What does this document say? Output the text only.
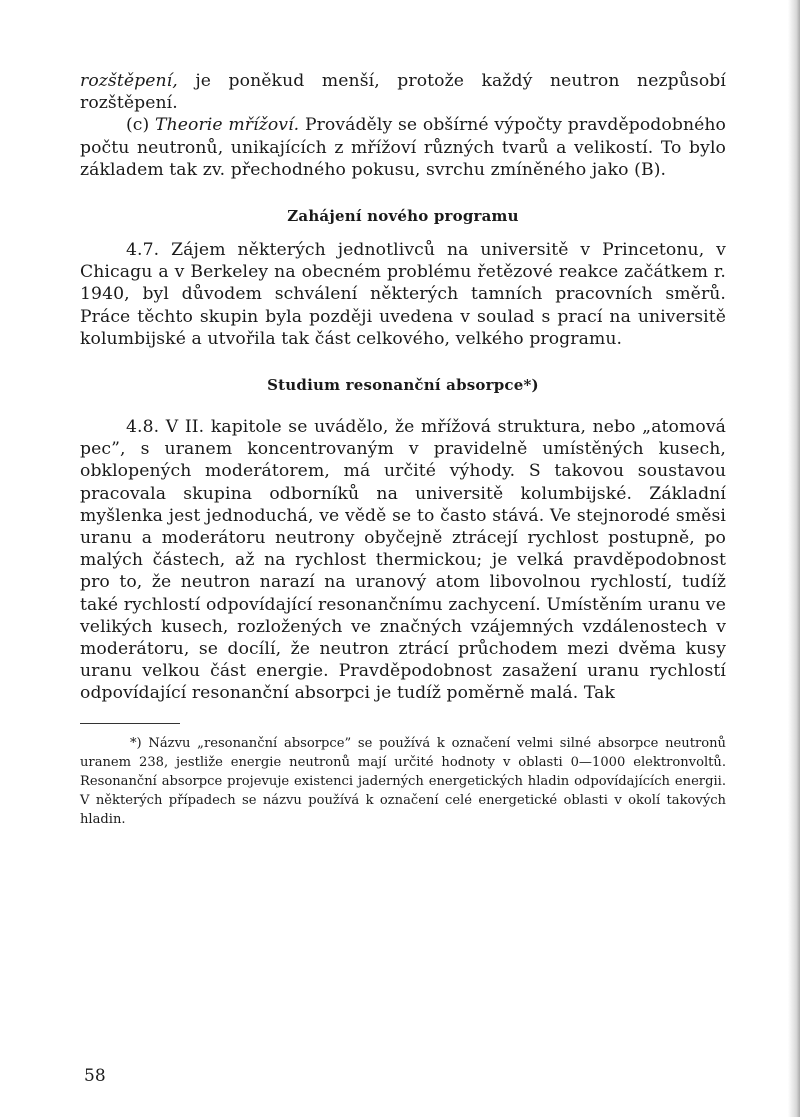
rozštěpení, je poněkud menší, protože každý neutron nezpůsobí rozštěpení.

(c) Theorie mřížoví. Prováděly se obšírné výpočty pravděpodobného počtu neutronů, unikajících z mřížoví různých tvarů a velikostí. To bylo základem tak zv. přechodného pokusu, svrchu zmíněného jako (B).

Zahájení nového programu

4.7. Zájem některých jednotlivců na universitě v Princetonu, v Chicagu a v Berkeley na obecném problému řetězové reakce začátkem r. 1940, byl důvodem schválení některých tamních pracovních směrů. Práce těchto skupin byla později uvedena v soulad s prací na universitě kolumbijské a utvořila tak část celkového, velkého programu.

Studium resonanční absorpce*)

4.8. V II. kapitole se uvádělo, že mřížová struktura, nebo „atomová pec”, s uranem koncentrovaným v pravidelně umístěných kusech, obklopených moderátorem, má určité výhody. S takovou soustavou pracovala skupina odborníků na universitě kolumbijské. Základní myšlenka jest jednoduchá, ve vědě se to často stává. Ve stejnorodé směsi uranu a moderátoru neutrony obyčejně ztrácejí rychlost postupně, po malých částech, až na rychlost thermickou; je velká pravděpodobnost pro to, že neutron narazí na uranový atom libovolnou rychlostí, tudíž také rychlostí odpovídající resonančnímu zachycení. Umístěním uranu ve velikých kusech, rozložených ve značných vzájemných vzdálenostech v moderátoru, se docílí, že neutron ztrácí průchodem mezi dvěma kusy uranu velkou část energie. Pravděpodobnost zasažení uranu rychlostí odpovídající resonanční absorpci je tudíž poměrně malá. Tak

*) Názvu „resonanční absorpce” se používá k označení velmi silné absorpce neutronů uranem 238, jestliže energie neutronů mají určité hodnoty v oblasti 0—1000 elektronvoltů. Resonanční absorpce projevuje existenci jaderných energetických hladin odpovídajících energii. V některých případech se názvu používá k označení celé energetické oblasti v okolí takových hladin.

58
